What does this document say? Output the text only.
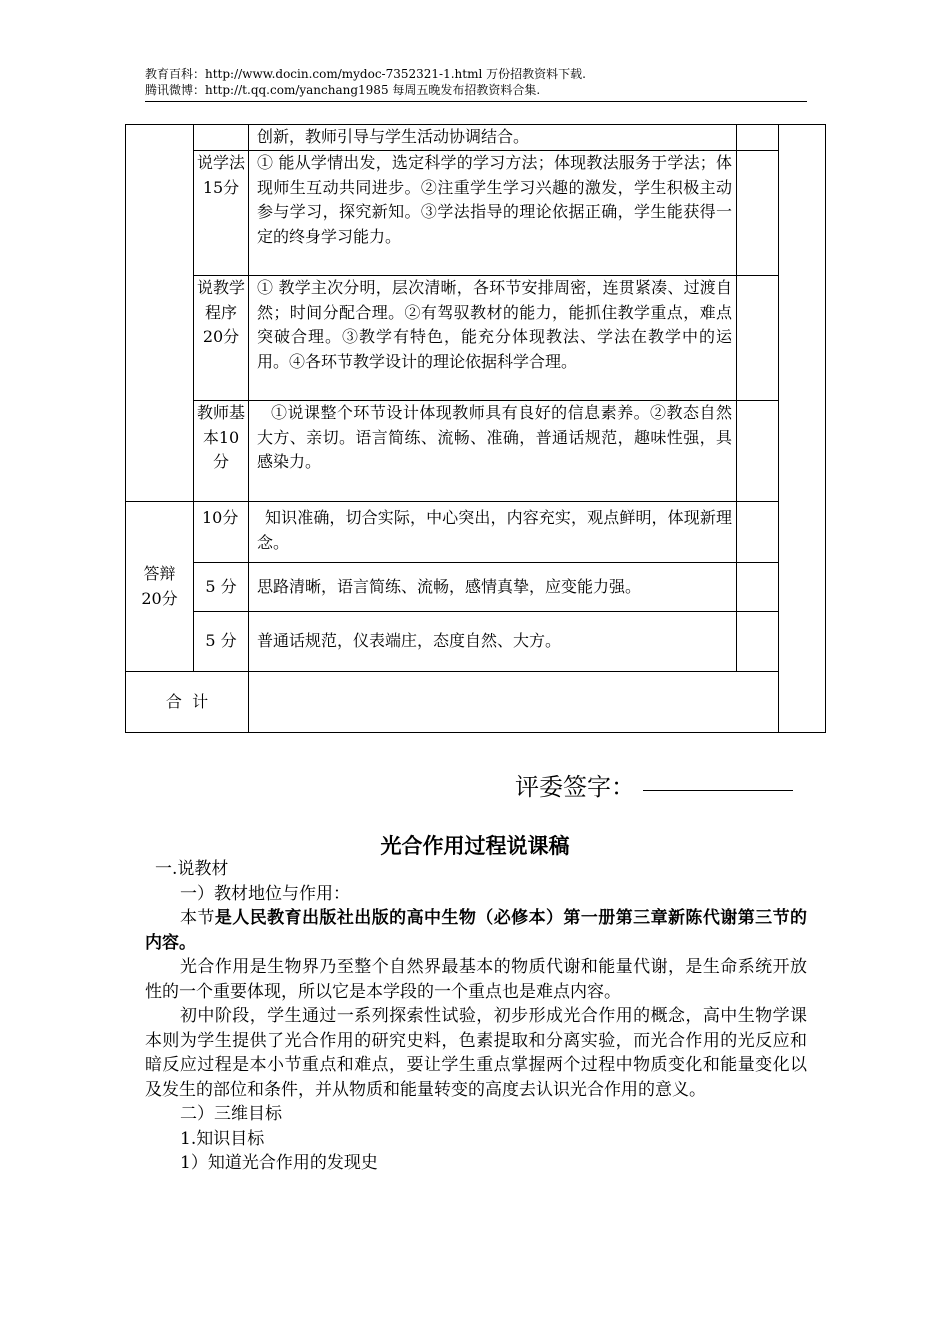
教育百科：http://www.docin.com/mydoc-7352321-1.html 万份招教资料下载.
腾讯微博：http://t.qq.com/yanchang1985 每周五晚发布招教资料合集.
		创新，教师引导与学生活动协调结合。		
	说学法15分	① 能从学情出发，选定科学的学习方法；体现教法服务于学法；体现师生互动共同进步。②注重学生学习兴趣的激发，学生积极主动参与学习，探究新知。③学法指导的理论依据正确，学生能获得一定的终身学习能力。		
	说教学程序20分	① 教学主次分明，层次清晰，各环节安排周密，连贯紧凑、过渡自然；时间分配合理。②有驾驭教材的能力，能抓住教学重点，难点突破合理。③教学有特色，能充分体现教法、学法在教学中的运用。④各环节教学设计的理论依据科学合理。		
	教师基本10分	①说课整个环节设计体现教师具有良好的信息素养。②教态自然大方、亲切。语言简练、流畅、准确，普通话规范，趣味性强，具感染力。		
答辩20分	10分	知识准确，切合实际，中心突出，内容充实，观点鲜明，体现新理念。		
	5 分	思路清晰，语言简练、流畅，感情真挚，应变能力强。		
	5 分	普通话规范，仪表端庄，态度自然、大方。		
合  计				
评委签字：
光合作用过程说课稿

一.说教材

一）教材地位与作用：

本节是人民教育出版社出版的高中生物（必修本）第一册第三章新陈代谢第三节的内容。

光合作用是生物界乃至整个自然界最基本的物质代谢和能量代谢，是生命系统开放性的一个重要体现，所以它是本学段的一个重点也是难点内容。

初中阶段，学生通过一系列探索性试验，初步形成光合作用的概念，高中生物学课本则为学生提供了光合作用的研究史料，色素提取和分离实验，而光合作用的光反应和暗反应过程是本小节重点和难点，要让学生重点掌握两个过程中物质变化和能量变化以及发生的部位和条件，并从物质和能量转变的高度去认识光合作用的意义。

二）三维目标

1.知识目标

1）知道光合作用的发现史
